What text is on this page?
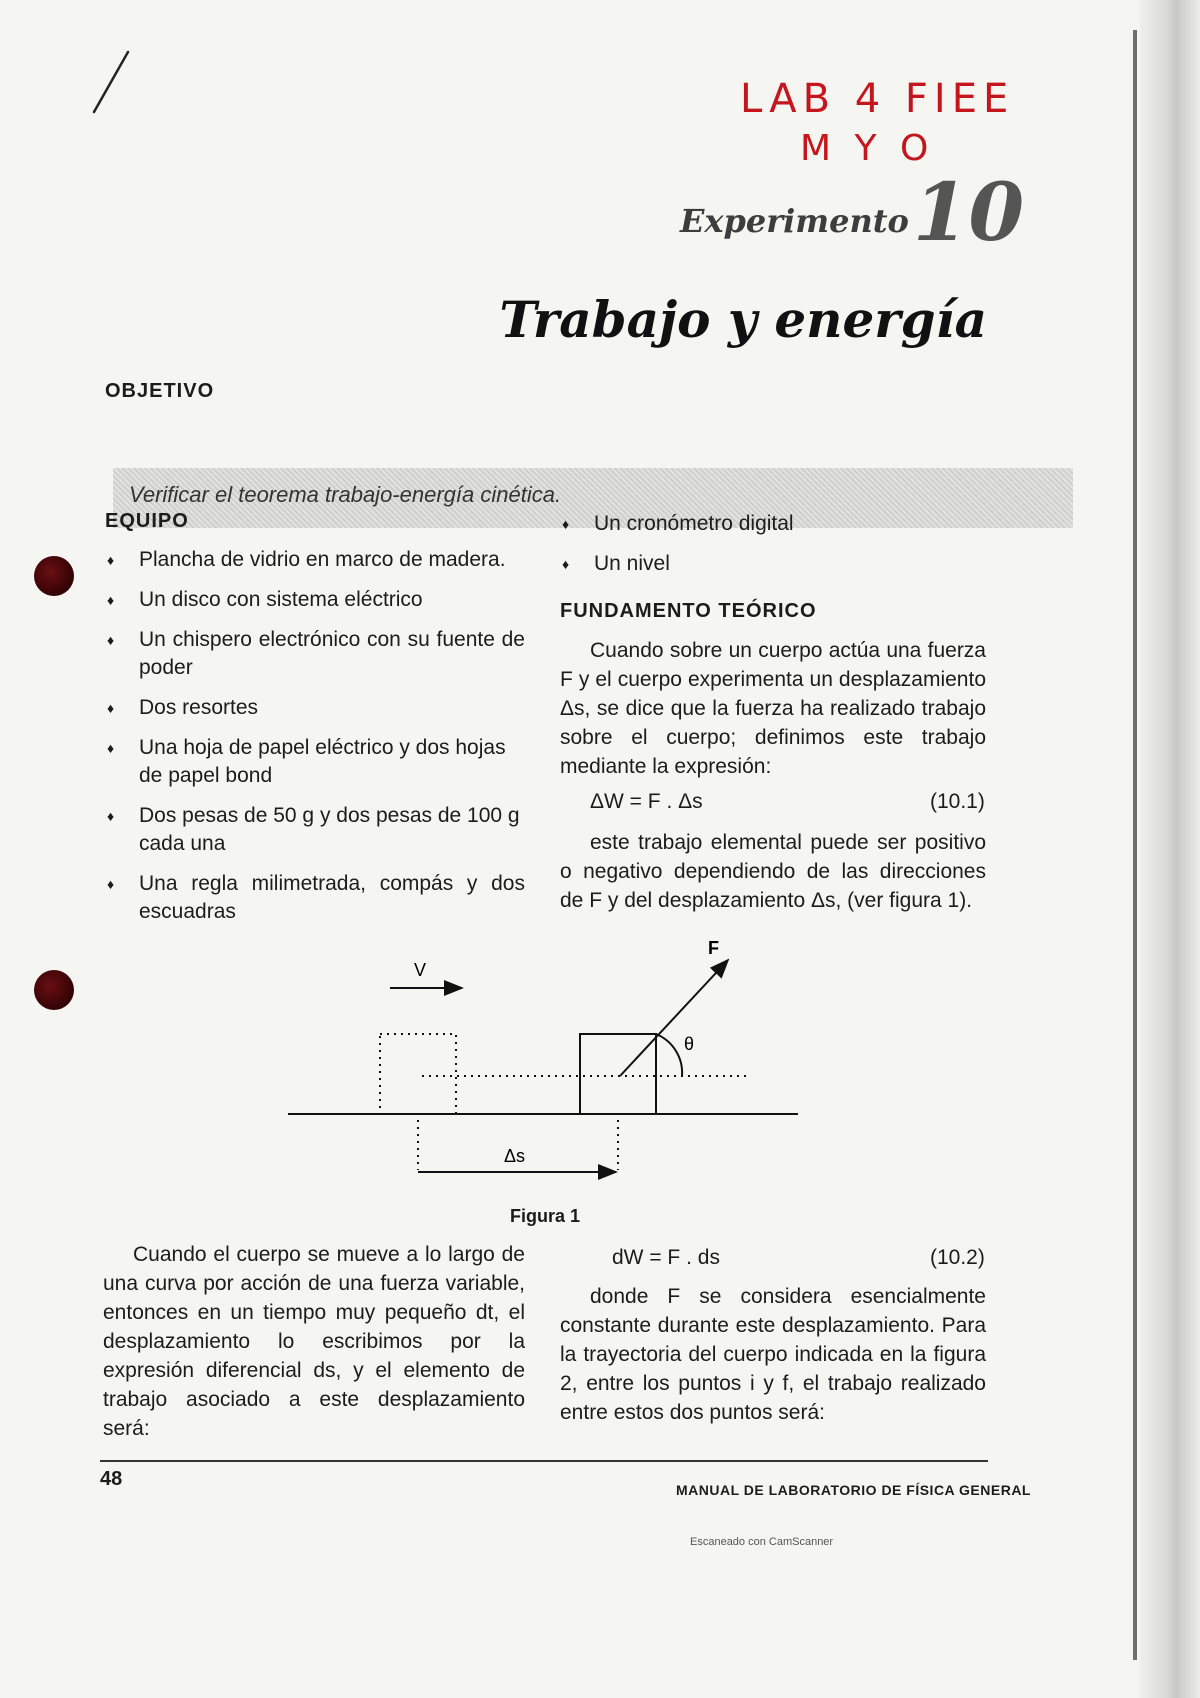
LAB 4 FIEE
M Y O
Experimento 10
Trabajo y energía
OBJETIVO
Verificar el teorema trabajo-energía cinética.
EQUIPO
♦ Plancha de vidrio en marco de madera.
♦ Un disco con sistema eléctrico
♦ Un chispero electrónico con su fuente de poder
♦ Dos resortes
♦ Una hoja de papel eléctrico y dos hojas de papel bond
♦ Dos pesas de 50 g y dos pesas de 100 g cada una
♦ Una regla milimetrada, compás y dos escuadras
♦ Un cronómetro digital
♦ Un nivel
FUNDAMENTO TEÓRICO
Cuando sobre un cuerpo actúa una fuerza F y el cuerpo experimenta un desplazamiento Δs, se dice que la fuerza ha realizado trabajo sobre el cuerpo; definimos este trabajo mediante la expresión:
ΔW = F . Δs	(10.1)
este trabajo elemental puede ser positivo o negativo dependiendo de las direcciones de F y del desplazamiento Δs, (ver figura 1).
V
F
θ
Δs
Figura 1
Cuando el cuerpo se mueve a lo largo de una curva por acción de una fuerza variable, entonces en un tiempo muy pequeño dt, el desplazamiento lo escribimos por la expresión diferencial ds, y el elemento de trabajo asociado a este desplazamiento será:
dW = F . ds	(10.2)
donde F se considera esencialmente constante durante este desplazamiento. Para la trayectoria del cuerpo indicada en la figura 2, entre los puntos i y f, el trabajo realizado entre estos dos puntos será:
48	MANUAL DE LABORATORIO DE FÍSICA GENERAL
Escaneado con CamScanner
